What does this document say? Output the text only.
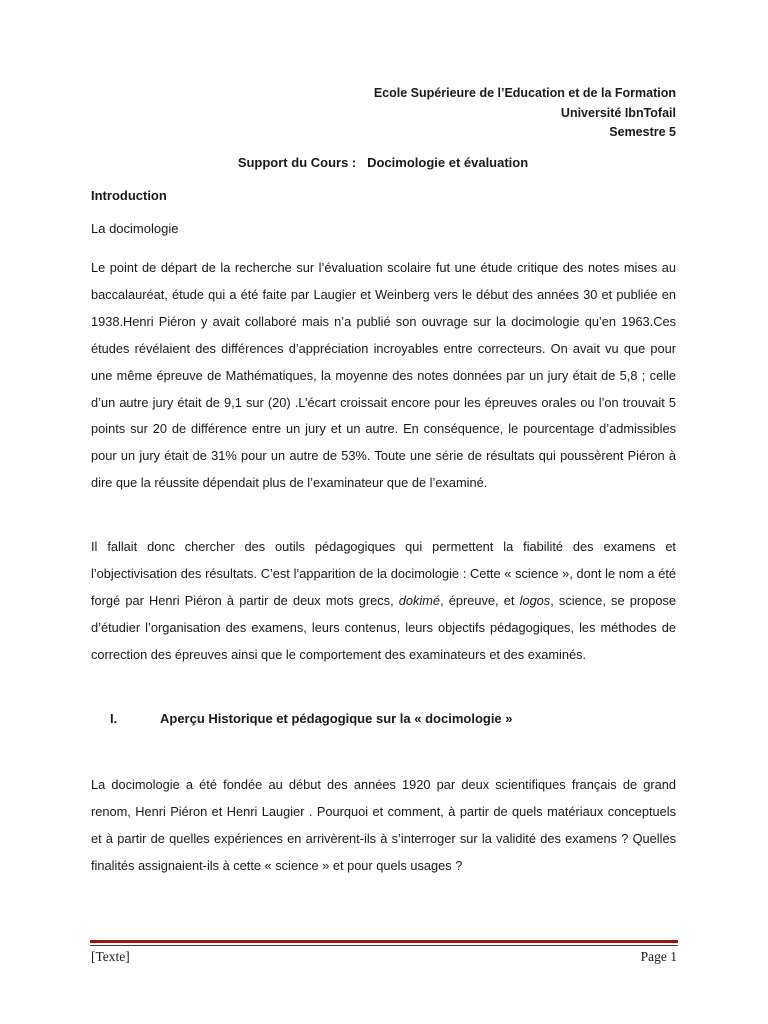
Ecole Supérieure de l’Education et de la Formation
Université IbnTofail
Semestre 5
Support du Cours : Docimologie et évaluation
Introduction
La docimologie
Le point de départ de la recherche sur l’évaluation scolaire fut une étude critique des notes mises au baccalauréat, étude qui a été faite par Laugier et Weinberg vers le début des années 30 et publiée en 1938.Henri Piéron y avait collaboré mais n’a publié son ouvrage sur la docimologie qu’en 1963.Ces études révélaient des différences d’appréciation incroyables entre correcteurs. On avait vu que pour une même épreuve de Mathématiques, la moyenne des notes données par un jury était de 5,8 ; celle d’un autre jury était de 9,1 sur (20) .L’écart croissait encore pour les épreuves orales ou l’on trouvait 5 points sur 20 de différence entre un jury et un autre. En conséquence, le pourcentage d’admissibles pour un jury était de 31% pour un autre de 53%. Toute une série de résultats qui poussèrent Piéron à dire que la réussite dépendait plus de l’examinateur que de l’examiné.
Il fallait donc chercher des outils pédagogiques qui permettent la fiabilité des examens et l’objectivisation des résultats. C’est l’apparition de la docimologie : Cette « science », dont le nom a été forgé par Henri Piéron à partir de deux mots grecs, dokimé, épreuve, et logos, science, se propose d’étudier l’organisation des examens, leurs contenus, leurs objectifs pédagogiques, les méthodes de correction des épreuves ainsi que le comportement des examinateurs et des examinés.
I.	Aperçu Historique et pédagogique sur la « docimologie »
La docimologie a été fondée au début des années 1920 par deux scientifiques français de grand renom, Henri Piéron et Henri Laugier . Pourquoi et comment, à partir de quels matériaux conceptuels et à partir de quelles expériences en arrivèrent-ils à s’interroger sur la validité des examens ? Quelles finalités assignaient-ils à cette « science » et pour quels usages ?
[Texte]	Page 1
